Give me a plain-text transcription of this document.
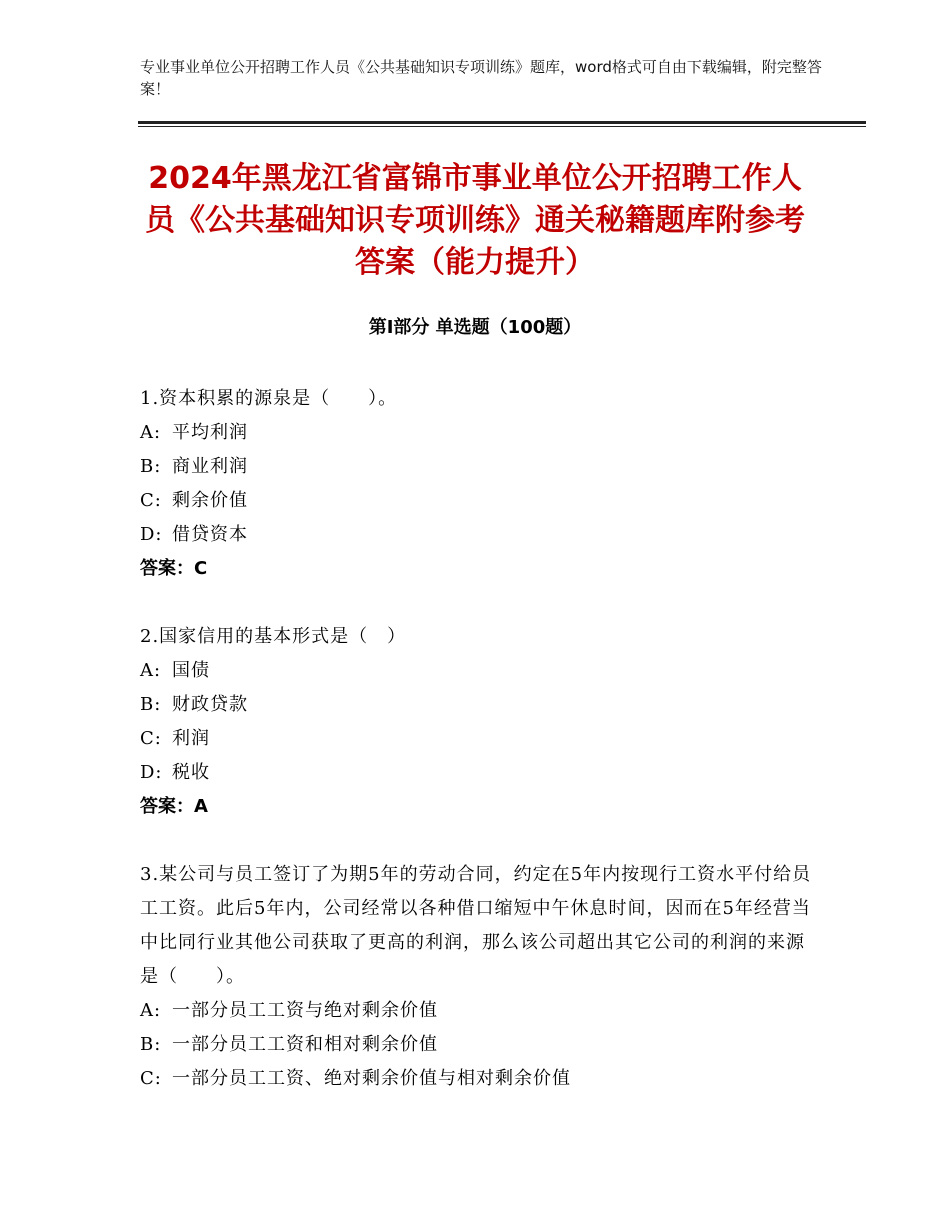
专业事业单位公开招聘工作人员《公共基础知识专项训练》题库，word格式可自由下载编辑，附完整答案！
2024年黑龙江省富锦市事业单位公开招聘工作人员《公共基础知识专项训练》通关秘籍题库附参考答案（能力提升）
第Ⅰ部分 单选题（100题）
1.资本积累的源泉是（　　）。
A: 平均利润
B: 商业利润
C: 剩余价值
D: 借贷资本
答案：C
2.国家信用的基本形式是（　）
A: 国债
B: 财政贷款
C: 利润
D: 税收
答案：A
3.某公司与员工签订了为期5年的劳动合同，约定在5年内按现行工资水平付给员工工资。此后5年内，公司经常以各种借口缩短中午休息时间，因而在5年经营当中比同行业其他公司获取了更高的利润，那么该公司超出其它公司的利润的来源是（　　）。
A: 一部分员工工资与绝对剩余价值
B: 一部分员工工资和相对剩余价值
C: 一部分员工工资、绝对剩余价值与相对剩余价值
